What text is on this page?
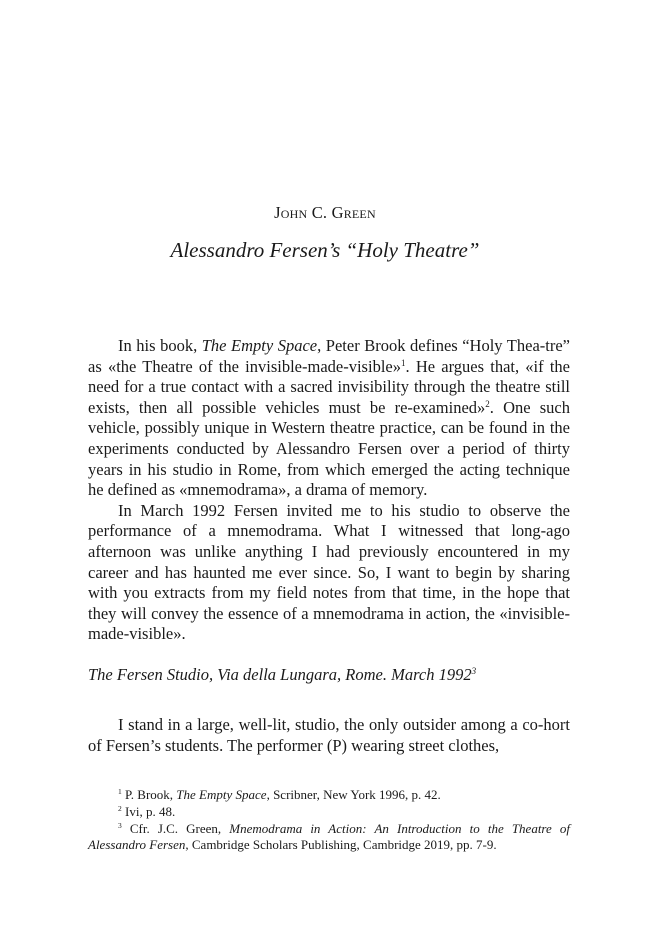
John C. Green
Alessandro Fersen’s “Holy Theatre”

In his book, The Empty Space, Peter Brook defines “Holy Thea-tre” as «the Theatre of the invisible-made-visible»$^1$. He argues that, «if the need for a true contact with a sacred invisibility through the theatre still exists, then all possible vehicles must be re-examined»$^2$. One such vehicle, possibly unique in Western theatre practice, can be found in the experiments conducted by Alessandro Fersen over a period of thirty years in his studio in Rome, from which emerged the acting technique he defined as «mnemodrama», a drama of memory.

In March 1992 Fersen invited me to his studio to observe the performance of a mnemodrama. What I witnessed that long-ago afternoon was unlike anything I had previously encountered in my career and has haunted me ever since. So, I want to begin by sharing with you extracts from my field notes from that time, in the hope that they will convey the essence of a mnemodrama in action, the «invisible-made-visible».

The Fersen Studio, Via della Lungara, Rome. March 1992$^3$

I stand in a large, well-lit, studio, the only outsider among a co-hort of Fersen’s students. The performer (P) wearing street clothes,

$^1$ P. Brook, The Empty Space, Scribner, New York 1996, p. 42.

$^2$ Ivi, p. 48.

$^3$ Cfr. J.C. Green, Mnemodrama in Action: An Introduction to the Theatre of Alessandro Fersen, Cambridge Scholars Publishing, Cambridge 2019, pp. 7-9.
